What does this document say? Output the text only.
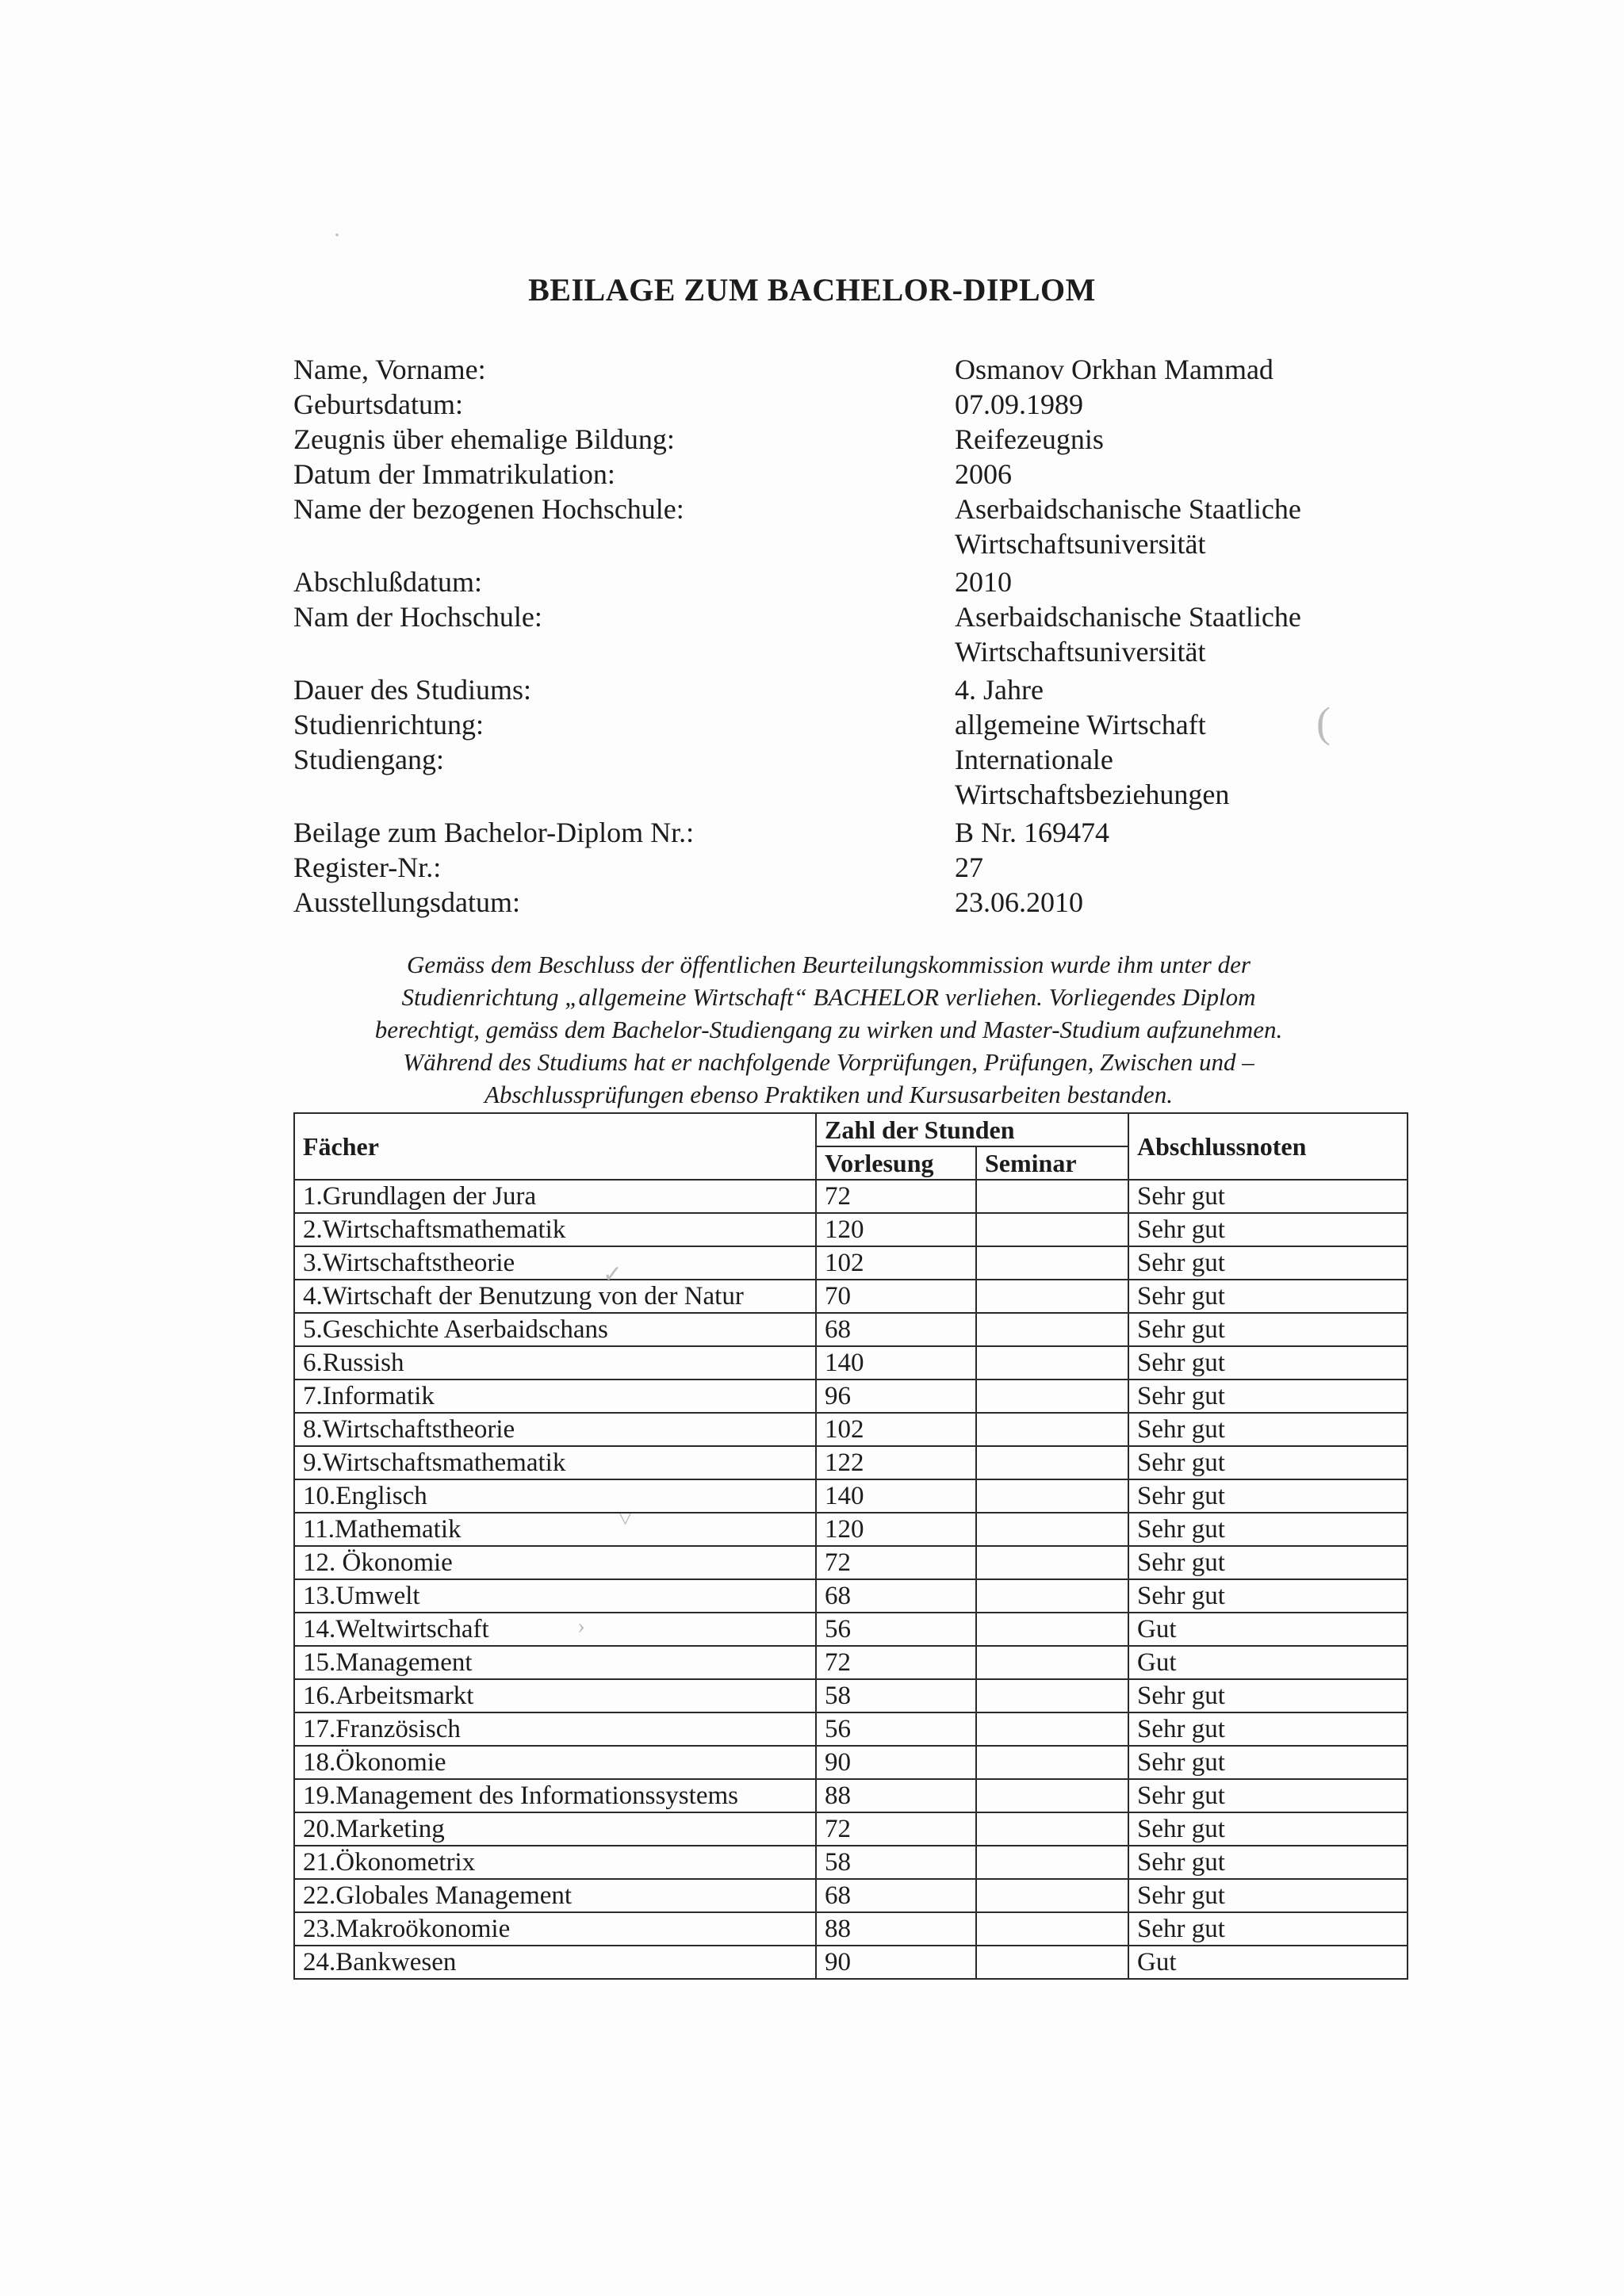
BEILAGE ZUM BACHELOR-DIPLOM
Name, Vorname:	Osmanov Orkhan Mammad
Geburtsdatum:	07.09.1989
Zeugnis über ehemalige Bildung:	Reifezeugnis
Datum der Immatrikulation:	2006
Name der bezogenen Hochschule:	Aserbaidschanische Staatliche
Wirtschaftsuniversität
Abschlußdatum:	2010
Nam der Hochschule:	Aserbaidschanische Staatliche
Wirtschaftsuniversität
Dauer des Studiums:	4. Jahre
Studienrichtung:	allgemeine Wirtschaft
Studiengang:	Internationale
Wirtschaftsbeziehungen
Beilage zum Bachelor-Diplom Nr.:	B Nr. 169474
Register-Nr.:	27
Ausstellungsdatum:	23.06.2010
Gemäss dem Beschluss der öffentlichen Beurteilungskommission wurde ihm unter der
Studienrichtung „allgemeine Wirtschaft“ BACHELOR verliehen. Vorliegendes Diplom
berechtigt, gemäss dem Bachelor-Studiengang zu wirken und Master-Studium aufzunehmen.
Während des Studiums hat er nachfolgende Vorprüfungen, Prüfungen, Zwischen und –
Abschlussprüfungen ebenso Praktiken und Kursusarbeiten bestanden.
Fächer	Zahl der Stunden		Abschlussnoten
	Vorlesung	Seminar	
1.Grundlagen der Jura	72		Sehr gut
2.Wirtschaftsmathematik	120		Sehr gut
3.Wirtschaftstheorie	102		Sehr gut
4.Wirtschaft der Benutzung von der Natur	70		Sehr gut
5.Geschichte Aserbaidschans	68		Sehr gut
6.Russish	140		Sehr gut
7.Informatik	96		Sehr gut
8.Wirtschaftstheorie	102		Sehr gut
9.Wirtschaftsmathematik	122		Sehr gut
10.Englisch	140		Sehr gut
11.Mathematik	120		Sehr gut
12. Ökonomie	72		Sehr gut
13.Umwelt	68		Sehr gut
14.Weltwirtschaft	56		Gut
15.Management	72		Gut
16.Arbeitsmarkt	58		Sehr gut
17.Französisch	56		Sehr gut
18.Ökonomie	90		Sehr gut
19.Management des Informationssystems	88		Sehr gut
20.Marketing	72		Sehr gut
21.Ökonometrix	58		Sehr gut
22.Globales Management	68		Sehr gut
23.Makroökonomie	88		Sehr gut
24.Bankwesen	90		Gut
·
(
✓
˅
›
